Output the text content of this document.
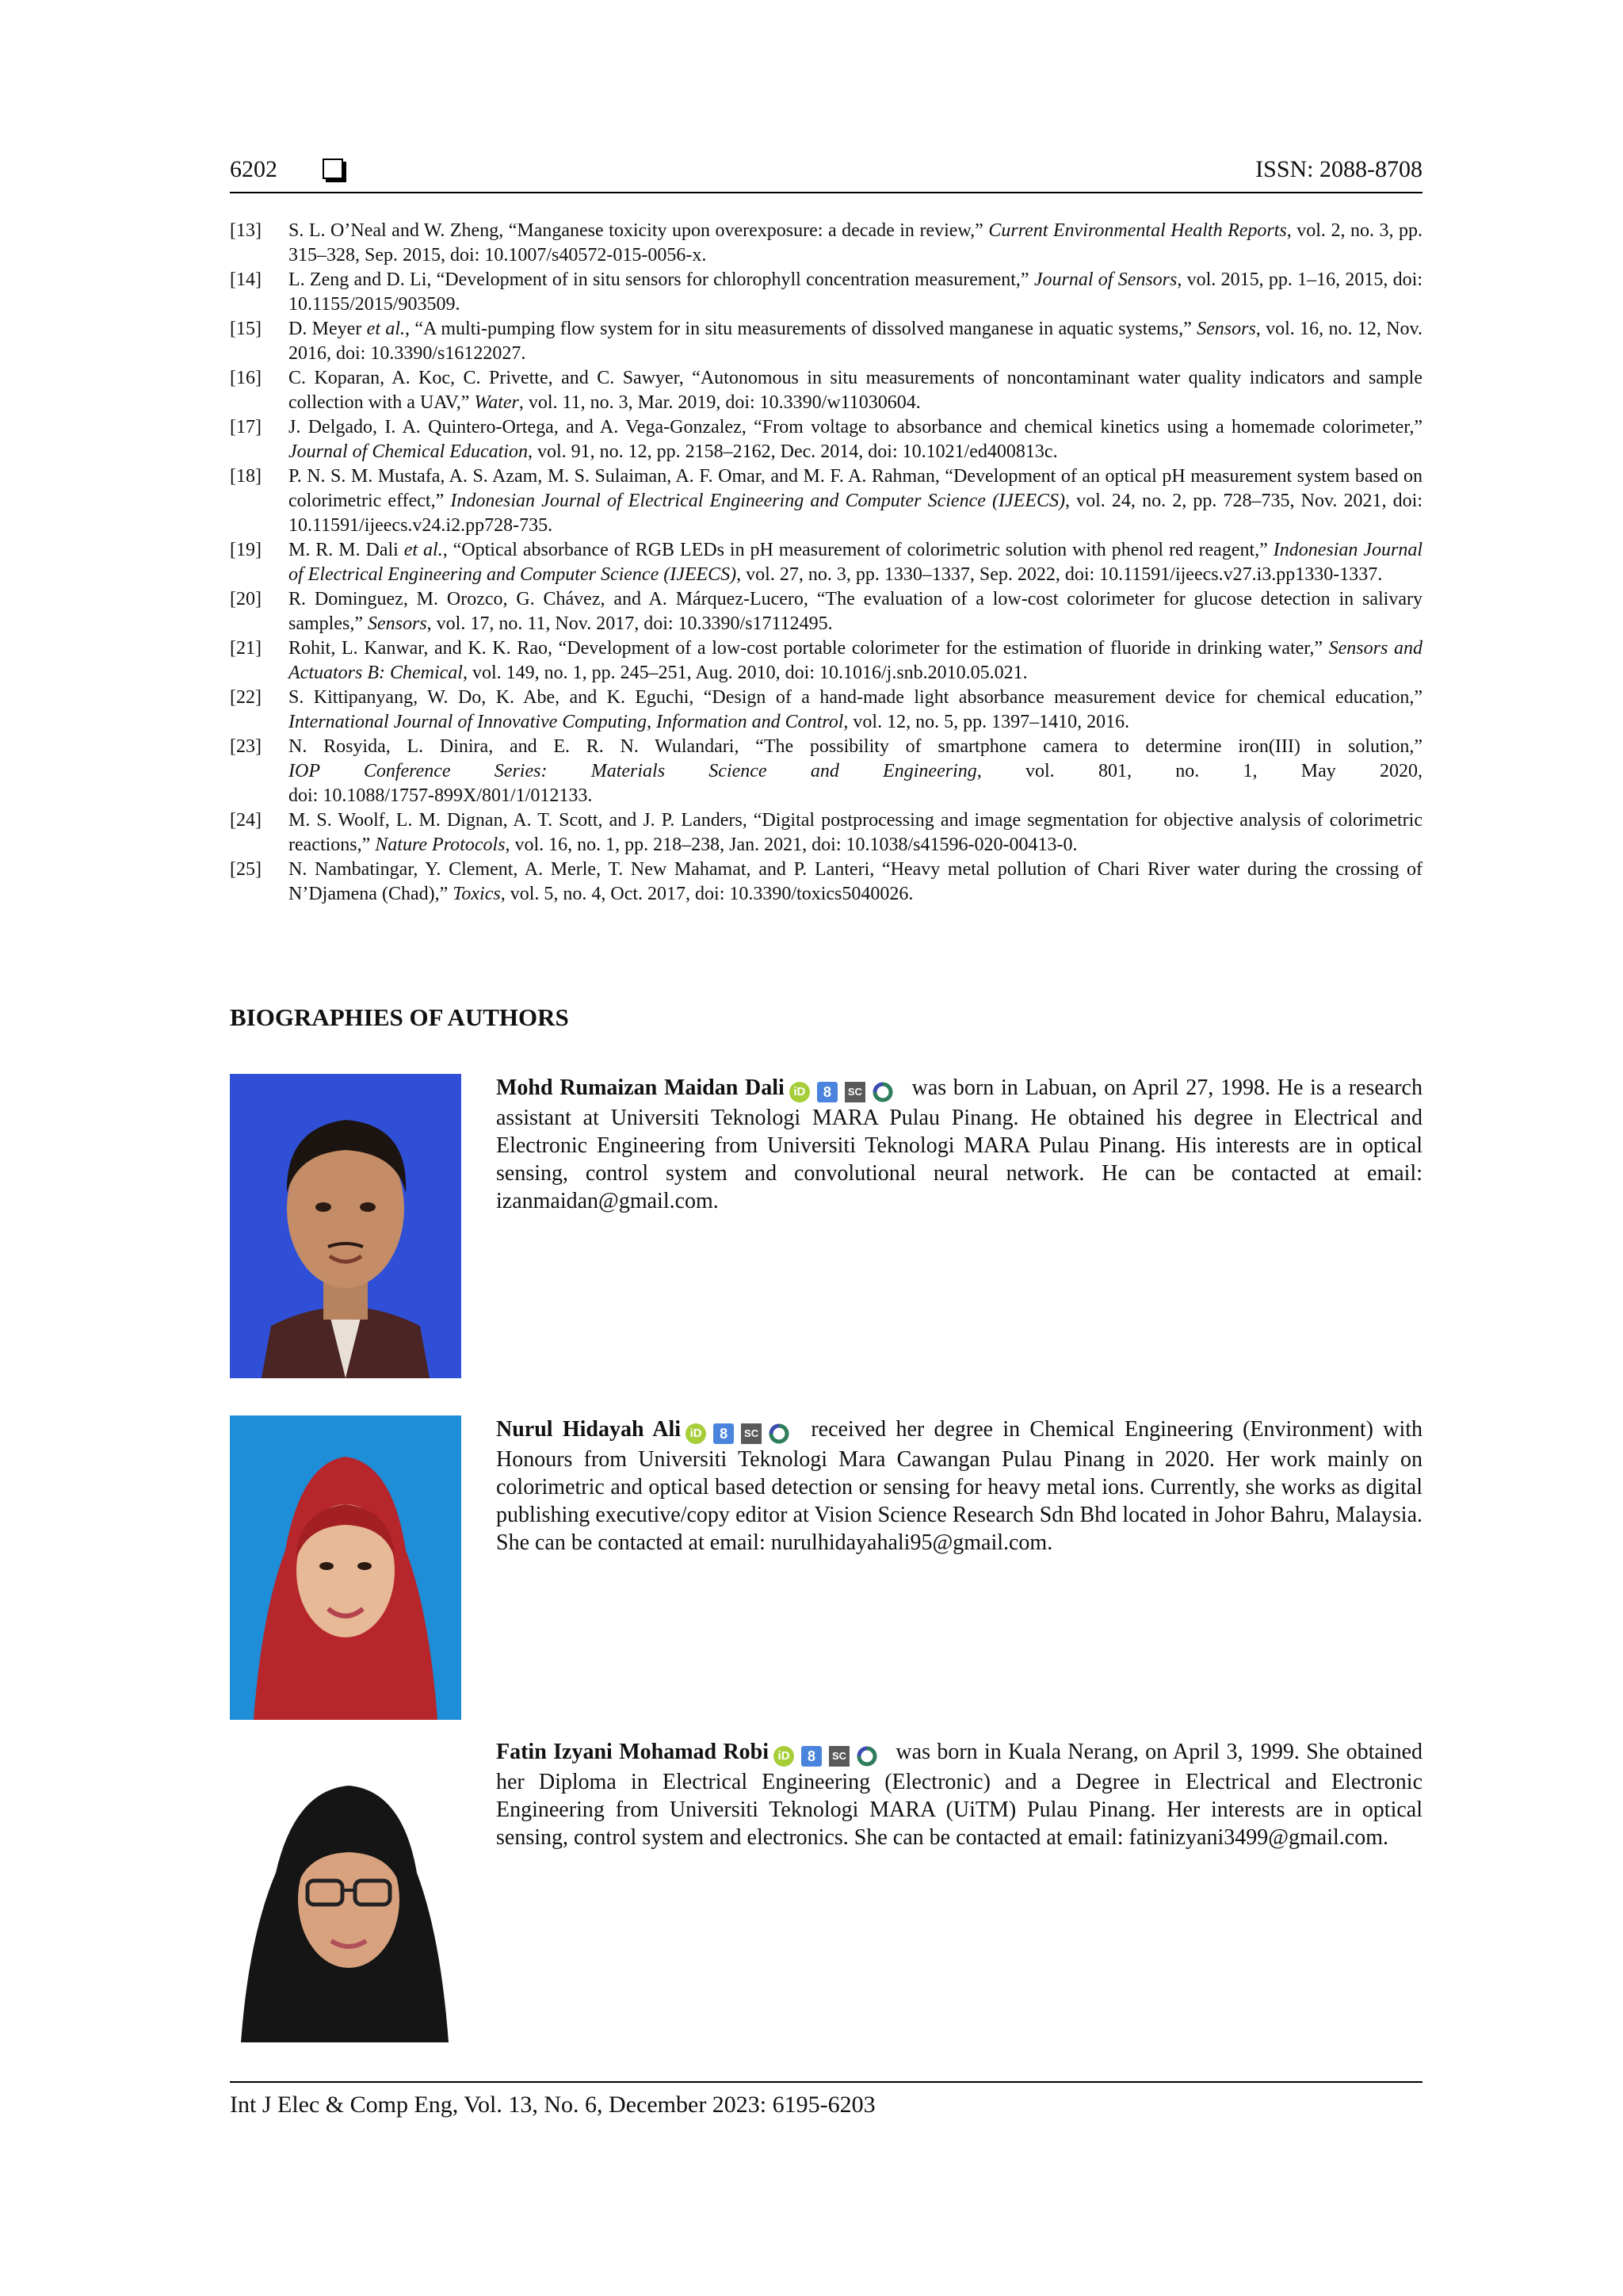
6202	ISSN: 2088-8708
[13]	S. L. O’Neal and W. Zheng, “Manganese toxicity upon overexposure: a decade in review,” Current Environmental Health Reports, vol. 2, no. 3, pp. 315–328, Sep. 2015, doi: 10.1007/s40572-015-0056-x.
[14]	L. Zeng and D. Li, “Development of in situ sensors for chlorophyll concentration measurement,” Journal of Sensors, vol. 2015, pp. 1–16, 2015, doi: 10.1155/2015/903509.
[15]	D. Meyer et al., “A multi-pumping flow system for in situ measurements of dissolved manganese in aquatic systems,” Sensors, vol. 16, no. 12, Nov. 2016, doi: 10.3390/s16122027.
[16]	C. Koparan, A. Koc, C. Privette, and C. Sawyer, “Autonomous in situ measurements of noncontaminant water quality indicators and sample collection with a UAV,” Water, vol. 11, no. 3, Mar. 2019, doi: 10.3390/w11030604.
[17]	J. Delgado, I. A. Quintero-Ortega, and A. Vega-Gonzalez, “From voltage to absorbance and chemical kinetics using a homemade colorimeter,” Journal of Chemical Education, vol. 91, no. 12, pp. 2158–2162, Dec. 2014, doi: 10.1021/ed400813c.
[18]	P. N. S. M. Mustafa, A. S. Azam, M. S. Sulaiman, A. F. Omar, and M. F. A. Rahman, “Development of an optical pH measurement system based on colorimetric effect,” Indonesian Journal of Electrical Engineering and Computer Science (IJEECS), vol. 24, no. 2, pp. 728–735, Nov. 2021, doi: 10.11591/ijeecs.v24.i2.pp728-735.
[19]	M. R. M. Dali et al., “Optical absorbance of RGB LEDs in pH measurement of colorimetric solution with phenol red reagent,” Indonesian Journal of Electrical Engineering and Computer Science (IJEECS), vol. 27, no. 3, pp. 1330–1337, Sep. 2022, doi: 10.11591/ijeecs.v27.i3.pp1330-1337.
[20]	R. Dominguez, M. Orozco, G. Chávez, and A. Márquez-Lucero, “The evaluation of a low-cost colorimeter for glucose detection in salivary samples,” Sensors, vol. 17, no. 11, Nov. 2017, doi: 10.3390/s17112495.
[21]	Rohit, L. Kanwar, and K. K. Rao, “Development of a low-cost portable colorimeter for the estimation of fluoride in drinking water,” Sensors and Actuators B: Chemical, vol. 149, no. 1, pp. 245–251, Aug. 2010, doi: 10.1016/j.snb.2010.05.021.
[22]	S. Kittipanyang, W. Do, K. Abe, and K. Eguchi, “Design of a hand-made light absorbance measurement device for chemical education,” International Journal of Innovative Computing, Information and Control, vol. 12, no. 5, pp. 1397–1410, 2016.
[23]	N. Rosyida, L. Dinira, and E. R. N. Wulandari, “The possibility of smartphone camera to determine iron(III) in solution,”
IOP Conference Series: Materials Science and Engineering, vol. 801, no. 1, May 2020,
doi: 10.1088/1757-899X/801/1/012133.
[24]	M. S. Woolf, L. M. Dignan, A. T. Scott, and J. P. Landers, “Digital postprocessing and image segmentation for objective analysis of colorimetric reactions,” Nature Protocols, vol. 16, no. 1, pp. 218–238, Jan. 2021, doi: 10.1038/s41596-020-00413-0.
[25]	N. Nambatingar, Y. Clement, A. Merle, T. New Mahamat, and P. Lanteri, “Heavy metal pollution of Chari River water during the crossing of N’Djamena (Chad),” Toxics, vol. 5, no. 4, Oct. 2017, doi: 10.3390/toxics5040026.
BIOGRAPHIES OF AUTHORS
Mohd Rumaizan Maidan Dali iD 8 SC was born in Labuan, on April 27, 1998. He is a research assistant at Universiti Teknologi MARA Pulau Pinang. He obtained his degree in Electrical and Electronic Engineering from Universiti Teknologi MARA Pulau Pinang. His interests are in optical sensing, control system and convolutional neural network. He can be contacted at email: izanmaidan@gmail.com.
Nurul Hidayah Ali iD 8 SC received her degree in Chemical Engineering (Environment) with Honours from Universiti Teknologi Mara Cawangan Pulau Pinang in 2020. Her work mainly on colorimetric and optical based detection or sensing for heavy metal ions. Currently, she works as digital publishing executive/copy editor at Vision Science Research Sdn Bhd located in Johor Bahru, Malaysia. She can be contacted at email: nurulhidayahali95@gmail.com.
Fatin Izyani Mohamad Robi iD 8 SC was born in Kuala Nerang, on April 3, 1999. She obtained her Diploma in Electrical Engineering (Electronic) and a Degree in Electrical and Electronic Engineering from Universiti Teknologi MARA (UiTM) Pulau Pinang. Her interests are in optical sensing, control system and electronics. She can be contacted at email: fatinizyani3499@gmail.com.
Int J Elec & Comp Eng, Vol. 13, No. 6, December 2023: 6195-6203
